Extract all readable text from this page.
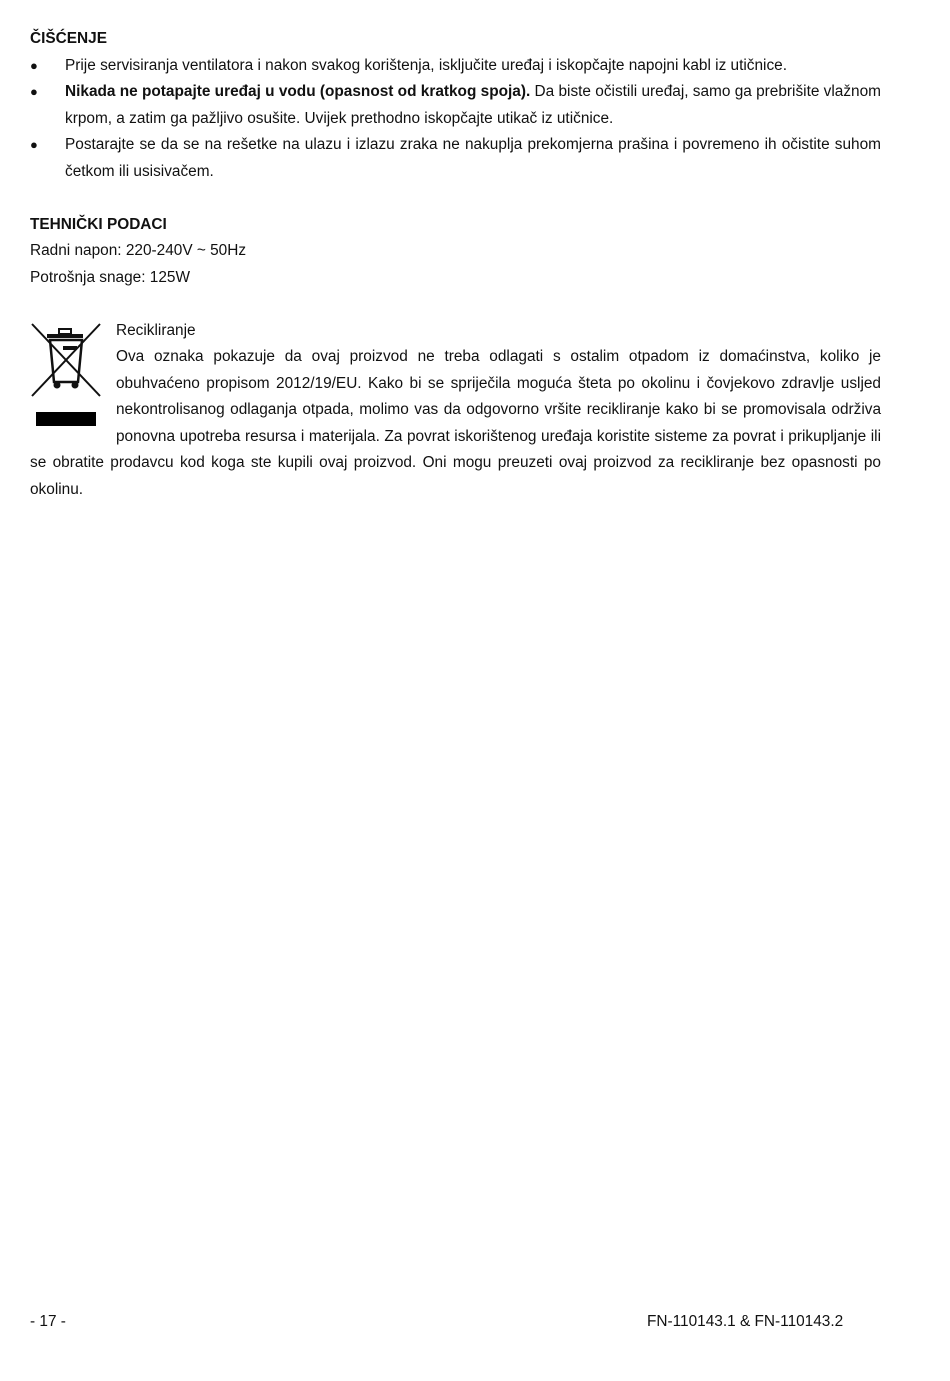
ČIŠĆENJE

●	Prije servisiranja ventilatora i nakon svakog korištenja, isključite uređaj i iskopčajte napojni kabl iz utičnice.
●	Nikada ne potapajte uređaj u vodu (opasnost od kratkog spoja). Da biste očistili uređaj, samo ga prebrišite vlažnom krpom, a zatim ga pažljivo osušite. Uvijek prethodno iskopčajte utikač iz utičnice.
●	Postarajte se da se na rešetke na ulazu i izlazu zraka ne nakuplja prekomjerna prašina i povremeno ih očistite suhom četkom ili usisivačem.

TEHNIČKI PODACI

Radni napon: 220-240V ~ 50Hz

Potrošnja snage: 125W

Recikliranje

Ova oznaka pokazuje da ovaj proizvod ne treba odlagati s ostalim otpadom iz domaćinstva, koliko je obuhvaćeno propisom 2012/19/EU. Kako bi se spriječila moguća šteta po okolinu i čovjekovo zdravlje usljed nekontrolisanog odlaganja otpada, molimo vas da odgovorno vršite recikliranje kako bi se promovisala održiva ponovna upotreba resursa i materijala. Za povrat iskorištenog uređaja koristite sisteme za povrat i prikupljanje ili se obratite prodavcu kod koga ste kupili ovaj proizvod. Oni mogu preuzeti ovaj proizvod za recikliranje bez opasnosti po okolinu.

- 17 -	FN-110143.1 & FN-110143.2
